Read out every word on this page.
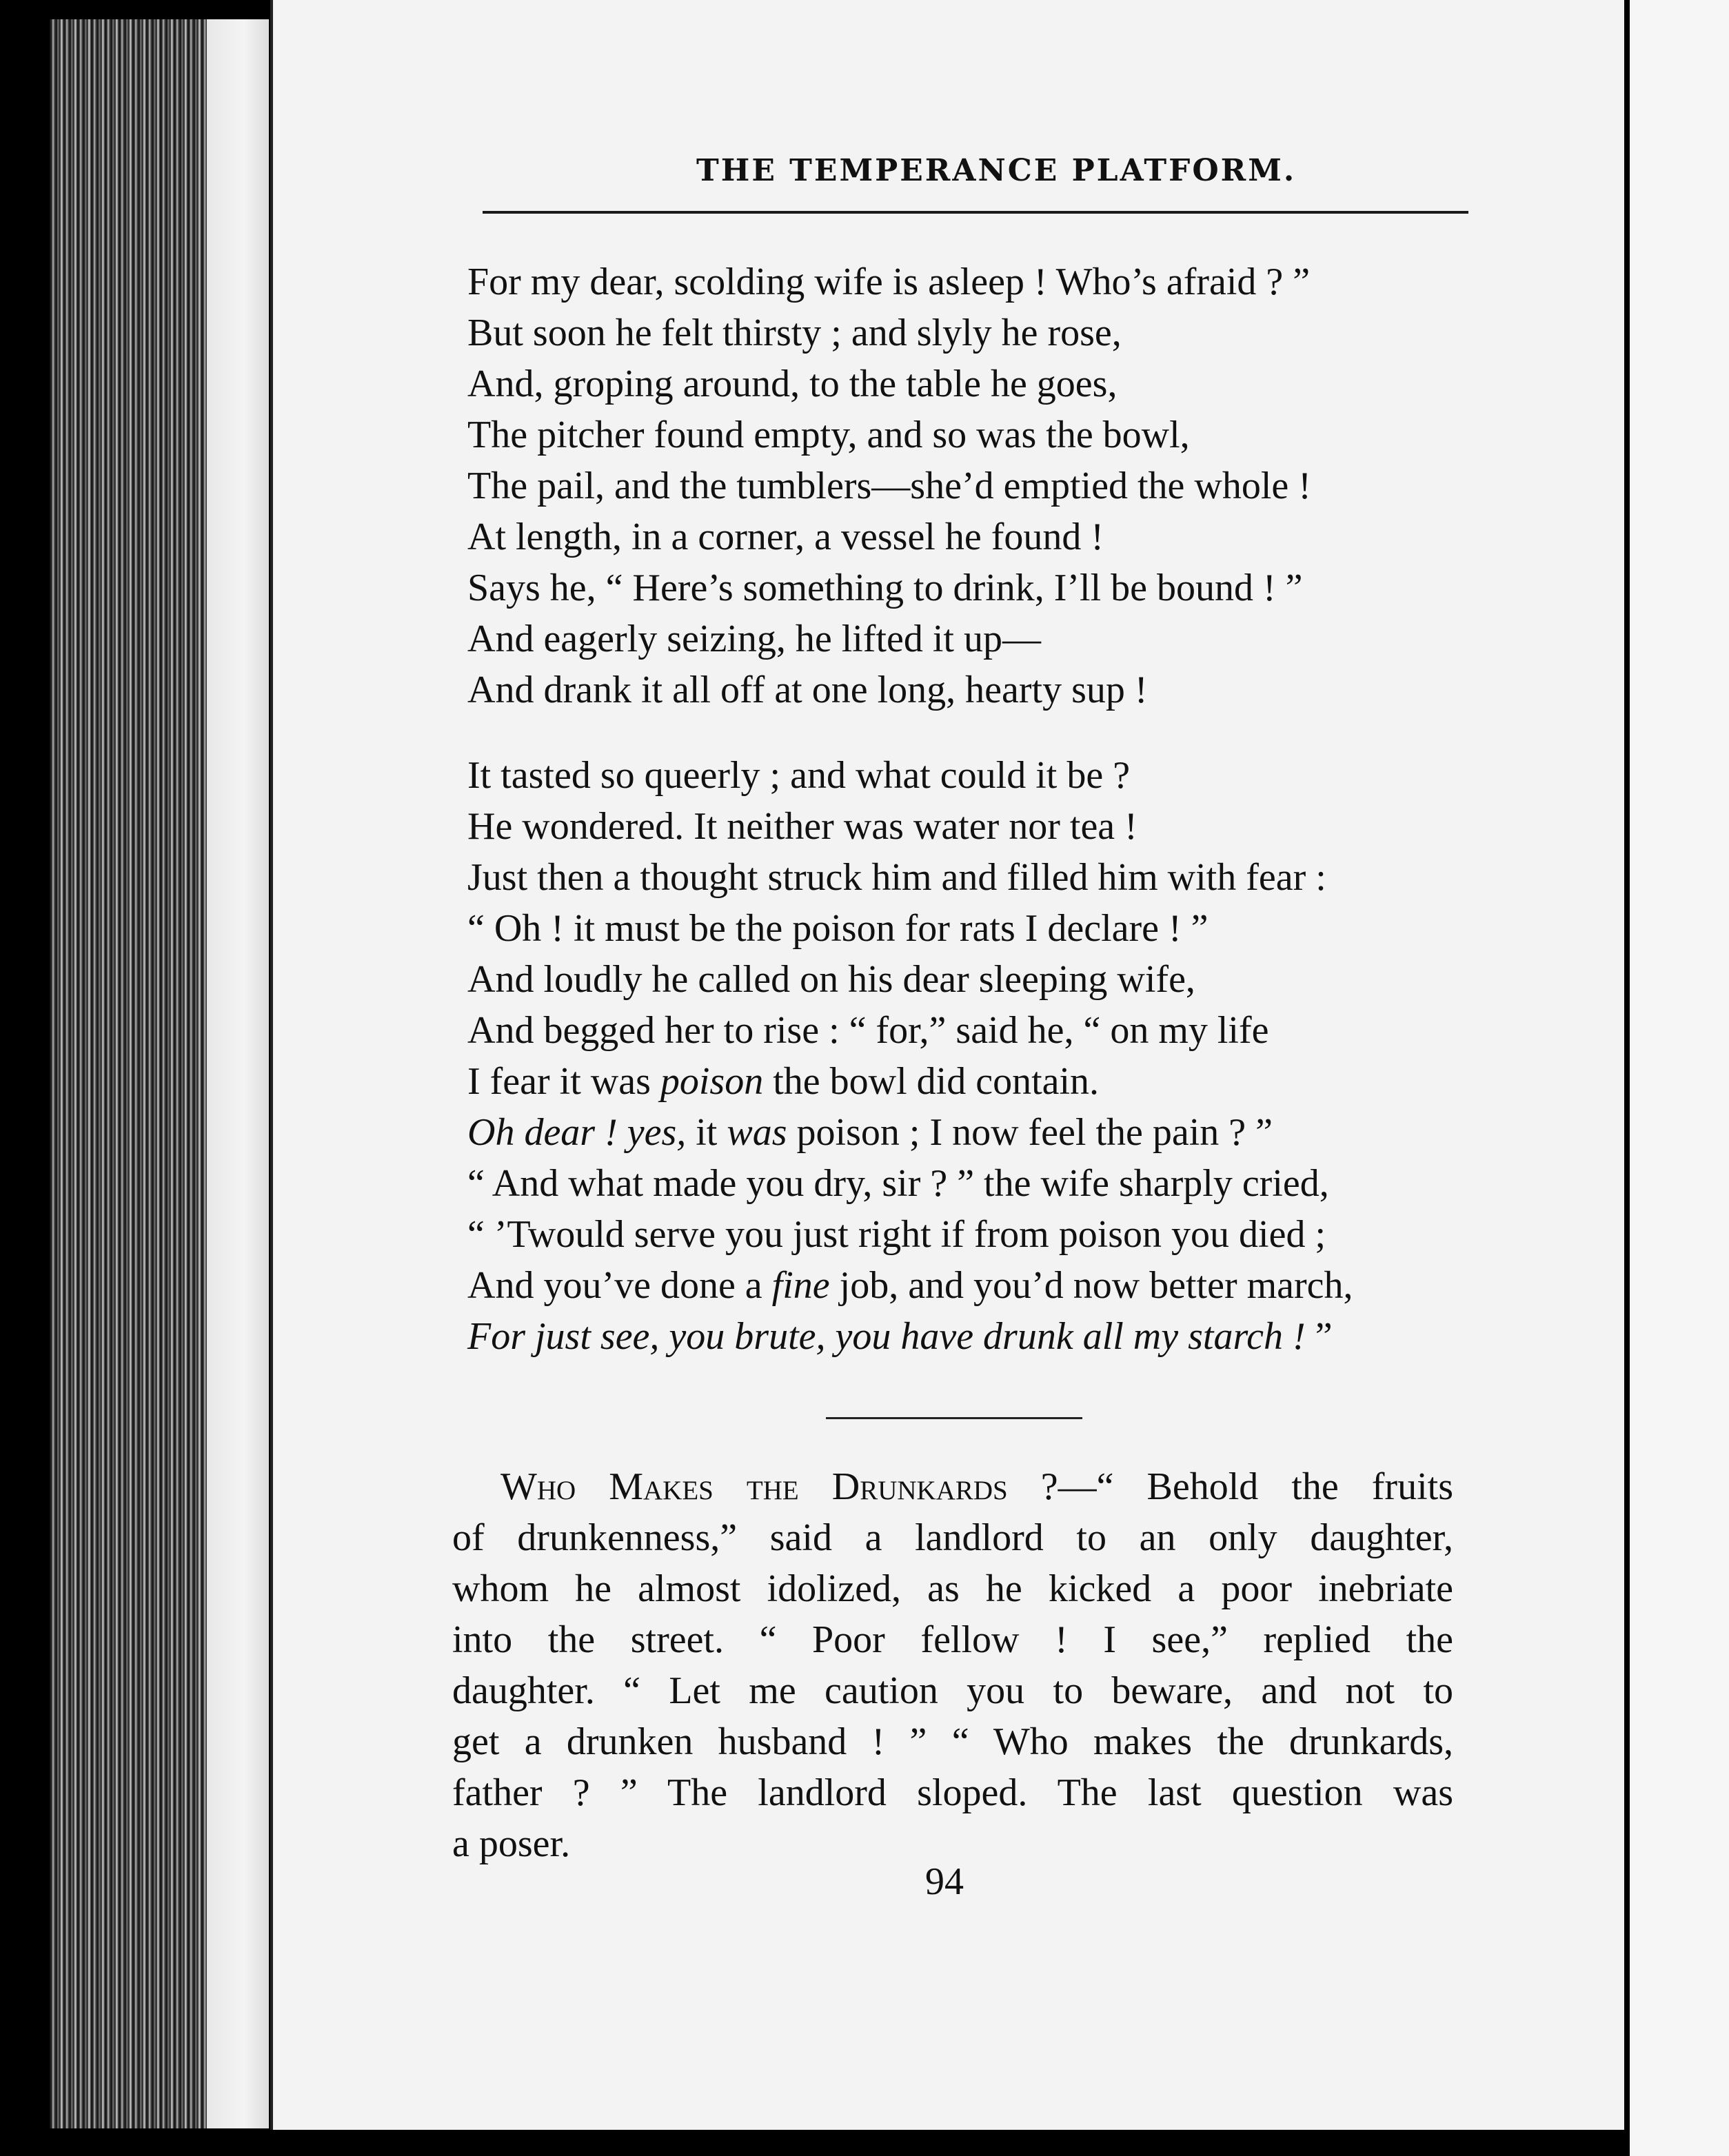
THE TEMPERANCE PLATFORM.

For my dear, scolding wife is asleep ! Who’s afraid ? ”

But soon he felt thirsty ; and slyly he rose,

And, groping around, to the table he goes,

The pitcher found empty, and so was the bowl,

The pail, and the tumblers—she’d emptied the whole !

At length, in a corner, a vessel he found !

Says he, “ Here’s something to drink, I’ll be bound ! ”

And eagerly seizing, he lifted it up—

And drank it all off at one long, hearty sup !

It tasted so queerly ; and what could it be ?

He wondered. It neither was water nor tea !

Just then a thought struck him and filled him with fear :

“ Oh ! it must be the poison for rats I declare ! ”

And loudly he called on his dear sleeping wife,

And begged her to rise : “ for,” said he, “ on my life

I fear it was poison the bowl did contain.

Oh dear ! yes, it was poison ; I now feel the pain ? ”

“ And what made you dry, sir ? ” the wife sharply cried,

“ ’Twould serve you just right if from poison you died ;

And you’ve done a fine job, and you’d now better march,

For just see, you brute, you have drunk all my starch ! ”

Who Makes the Drunkards ?—“ Behold the fruits

of drunkenness,” said a landlord to an only daughter,

whom he almost idolized, as he kicked a poor inebriate

into the street. “ Poor fellow ! I see,” replied the

daughter. “ Let me caution you to beware, and not to

get a drunken husband ! ” “ Who makes the drunkards,

father ? ” The landlord sloped. The last question was

a poser.

94
